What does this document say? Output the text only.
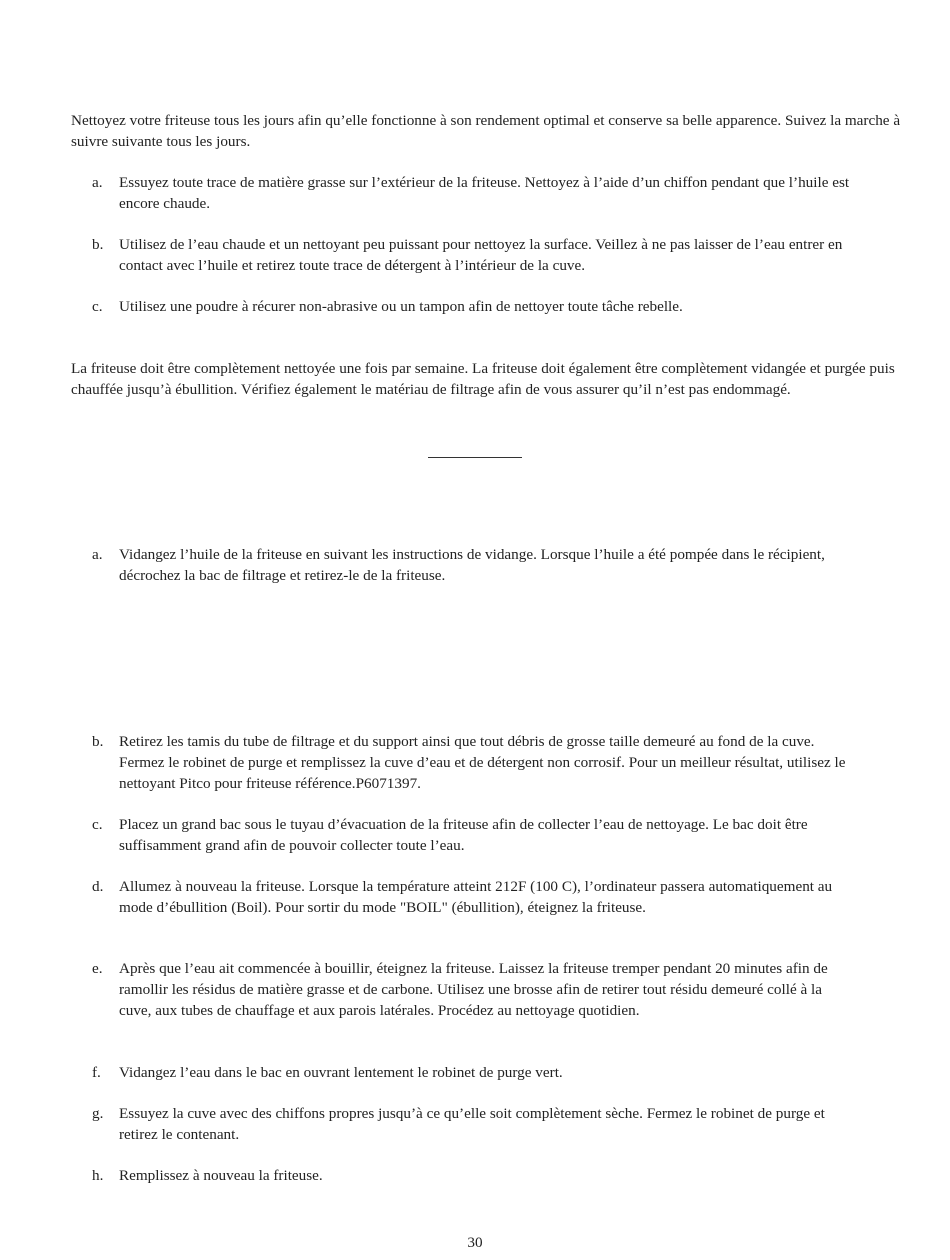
Nettoyez votre friteuse tous les jours afin qu’elle fonctionne à son rendement optimal et conserve sa belle apparence. Suivez la marche à suivre suivante tous les jours.

a.	Essuyez toute trace de matière grasse sur l’extérieur de la friteuse. Nettoyez à l’aide d’un chiffon pendant que l’huile est encore chaude.
b.	Utilisez de l’eau chaude et un nettoyant peu puissant pour nettoyez la surface. Veillez à ne pas laisser de l’eau entrer en contact avec l’huile et retirez toute trace de détergent à l’intérieur de la cuve.
c.	Utilisez une poudre à récurer non-abrasive ou un tampon afin de nettoyer toute tâche rebelle.

La friteuse doit être complètement nettoyée une fois par semaine. La friteuse doit également être complètement vidangée et purgée puis chauffée jusqu’à ébullition. Vérifiez également le matériau de filtrage afin de vous assurer qu’il n’est pas endommagé.

a.	Vidangez l’huile de la friteuse en suivant les instructions de vidange. Lorsque l’huile a été pompée dans le récipient, décrochez la bac de filtrage et retirez-le de la friteuse.
b.	Retirez les tamis du tube de filtrage et du support ainsi que tout débris de grosse taille demeuré au fond de la cuve. Fermez le robinet de purge et remplissez la cuve d’eau et de détergent non corrosif. Pour un meilleur résultat, utilisez le nettoyant Pitco pour friteuse référence.P6071397.
c.	Placez un grand bac sous le tuyau d’évacuation de la friteuse afin de collecter l’eau de nettoyage. Le bac doit être suffisamment grand afin de pouvoir collecter toute l’eau.
d.	Allumez à nouveau la friteuse. Lorsque la température atteint 212F (100 C), l’ordinateur passera automatiquement au mode d’ébullition (Boil). Pour sortir du mode "BOIL" (ébullition), éteignez la friteuse.
e.	Après que l’eau ait commencée à bouillir, éteignez la friteuse. Laissez la friteuse tremper pendant 20 minutes afin de ramollir les résidus de matière grasse et de carbone. Utilisez une brosse afin de retirer tout résidu demeuré collé à la cuve, aux tubes de chauffage et aux parois latérales. Procédez au nettoyage quotidien.
f.	Vidangez l’eau dans le bac en ouvrant lentement le robinet de purge vert.
g.	Essuyez la cuve avec des chiffons propres jusqu’à ce qu’elle soit complètement sèche. Fermez le robinet de purge et retirez le contenant.
h.	Remplissez à nouveau la friteuse.
30
